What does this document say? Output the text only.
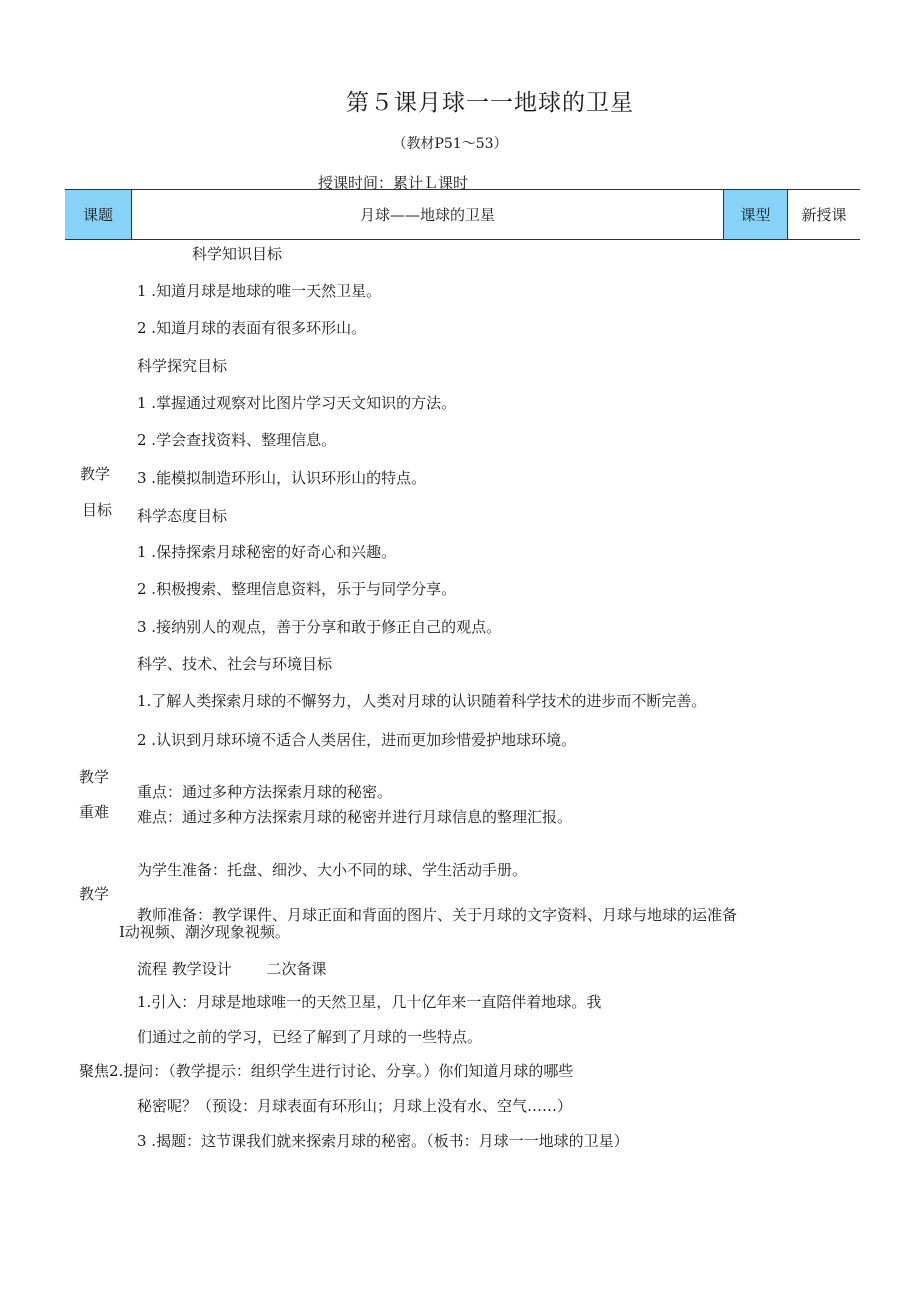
第５课月球一一地球的卫星
（教材P51～53）
授课时间：累计Ｌ课时
课题	月球——地球的卫星	课型	新授课
教学
目标
科学知识目标
1 .知道月球是地球的唯一天然卫星。
2 .知道月球的表面有很多环形山。
科学探究目标
1 .掌握通过观察对比图片学习天文知识的方法。
2 .学会查找资料、整理信息。
3 .能模拟制造环形山，认识环形山的特点。
科学态度目标
1 .保持探索月球秘密的好奇心和兴趣。
2 .积极搜索、整理信息资料，乐于与同学分享。
3 .接纳别人的观点，善于分享和敢于修正自己的观点。
科学、技术、社会与环境目标
1.了解人类探索月球的不懈努力，人类对月球的认识随着科学技术的进步而不断完善。
2 .认识到月球环境不适合人类居住，进而更加珍惜爱护地球环境。
教学
重难
重点：通过多种方法探索月球的秘密。
难点：通过多种方法探索月球的秘密并进行月球信息的整理汇报。
教学
为学生准备：托盘、细沙、大小不同的球、学生活动手册。
教师准备：教学课件、月球正面和背面的图片、关于月球的文字资料、月球与地球的运准备
I动视频、潮汐现象视频。
流程 教学设计　　 二次备课
1.引入：月球是地球唯一的天然卫星，几十亿年来一直陪伴着地球。我
们通过之前的学习，已经了解到了月球的一些特点。
聚焦2.提问：（教学提示：组织学生进行讨论、分享。）你们知道月球的哪些
秘密呢？（预设：月球表面有环形山；月球上没有水、空气……）
3 .揭题：这节课我们就来探索月球的秘密。（板书：月球一一地球的卫星）
